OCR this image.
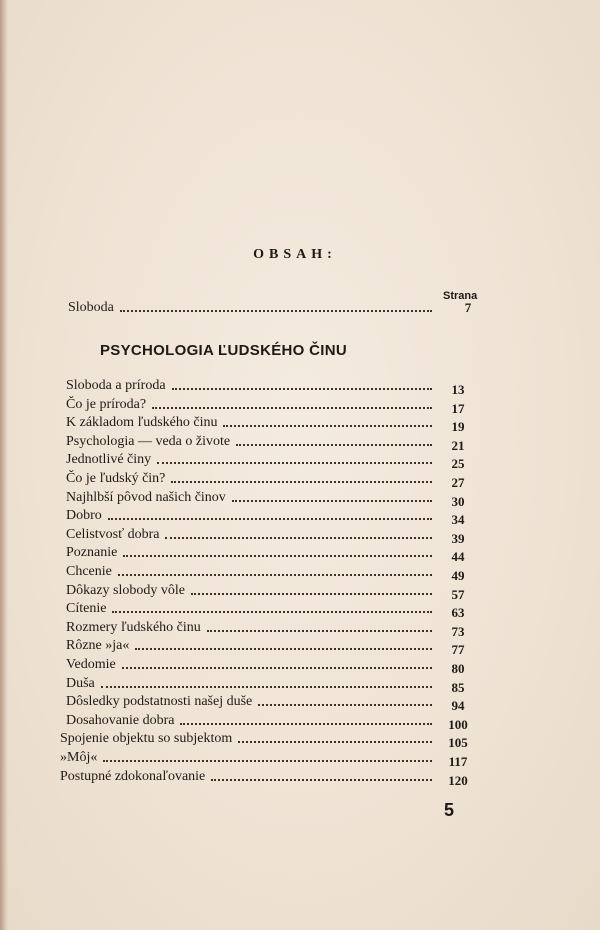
OBSAH:
Strana
Sloboda	7
PSYCHOLOGIA ĽUDSKÉHO ČINU
Sloboda a príroda	13
Čo je príroda?	17
K základom ľudského činu	19
Psychologia — veda o živote	21
Jednotlivé činy	25
Čo je ľudský čin?	27
Najhlbší pôvod našich činov	30
Dobro	34
Celistvosť dobra	39
Poznanie	44
Chcenie	49
Dôkazy slobody vôle	57
Cítenie	63
Rozmery ľudského činu	73
Rôzne »ja«	77
Vedomie	80
Duša	85
Dôsledky podstatnosti našej duše	94
Dosahovanie dobra	100
Spojenie objektu so subjektom	105
»Môj«	117
Postupné zdokonaľovanie	120
5
